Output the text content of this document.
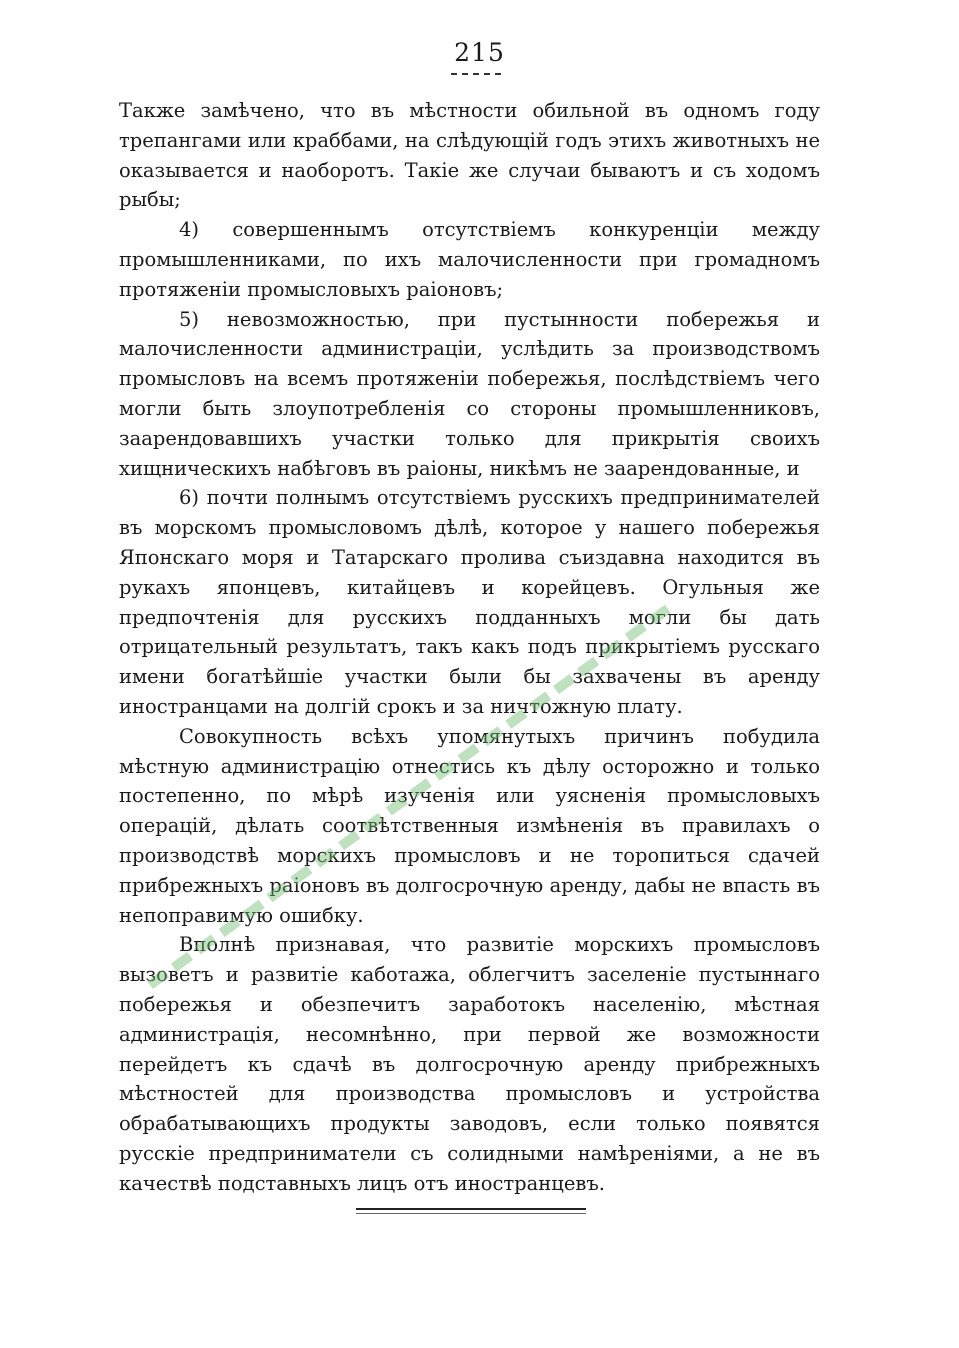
215

Также замѣчено, что въ мѣстности обильной въ одномъ году трепангами или краббами, на слѣдующій годъ этихъ животныхъ не оказывается и наоборотъ. Такіе же случаи бываютъ и съ ходомъ рыбы;

4) совершеннымъ отсутствіемъ конкуренціи между промышленниками, по ихъ малочисленности при громадномъ протяженіи промысловыхъ раіоновъ;

5) невозможностью, при пустынности побережья и малочисленности администраціи, услѣдить за производствомъ промысловъ на всемъ протяженіи побережья, послѣдствіемъ чего могли быть злоупотребленія со стороны промышленниковъ, заарендовавшихъ участки только для прикрытія своихъ хищническихъ набѣговъ въ раіоны, никѣмъ не заарендованные, и

6) почти полнымъ отсутствіемъ русскихъ предпринимателей въ морскомъ промысловомъ дѣлѣ, которое у нашего побережья Японскаго моря и Татарскаго пролива съиздавна находится въ рукахъ японцевъ, китайцевъ и корейцевъ. Огульныя же предпочтенія для русскихъ подданныхъ могли бы дать отрицательный результатъ, такъ какъ подъ прикрытіемъ русскаго имени богатѣйшіе участки были бы захвачены въ аренду иностранцами на долгій срокъ и за ничтожную плату.

Совокупность всѣхъ упомянутыхъ причинъ побудила мѣстную администрацію отнестись къ дѣлу осторожно и только постепенно, по мѣрѣ изученія или уясненія промысловыхъ операцій, дѣлать соотвѣтственныя измѣненія въ правилахъ о производствѣ морскихъ промысловъ и не торопиться сдачей прибрежныхъ раіоновъ въ долгосрочную аренду, дабы не впасть въ непоправимую ошибку.

Вполнѣ признавая, что развитіе морскихъ промысловъ вызоветъ и развитіе каботажа, облегчитъ заселеніе пустыннаго побережья и обезпечитъ заработокъ населенію, мѣстная администрація, несомнѣнно, при первой же возможности перейдетъ къ сдачѣ въ долгосрочную аренду прибрежныхъ мѣстностей для производства промысловъ и устройства обрабатывающихъ продукты заводовъ, если только появятся русскіе предприниматели съ солидными намѣреніями, а не въ качествѣ подставныхъ лицъ отъ иностранцевъ.
